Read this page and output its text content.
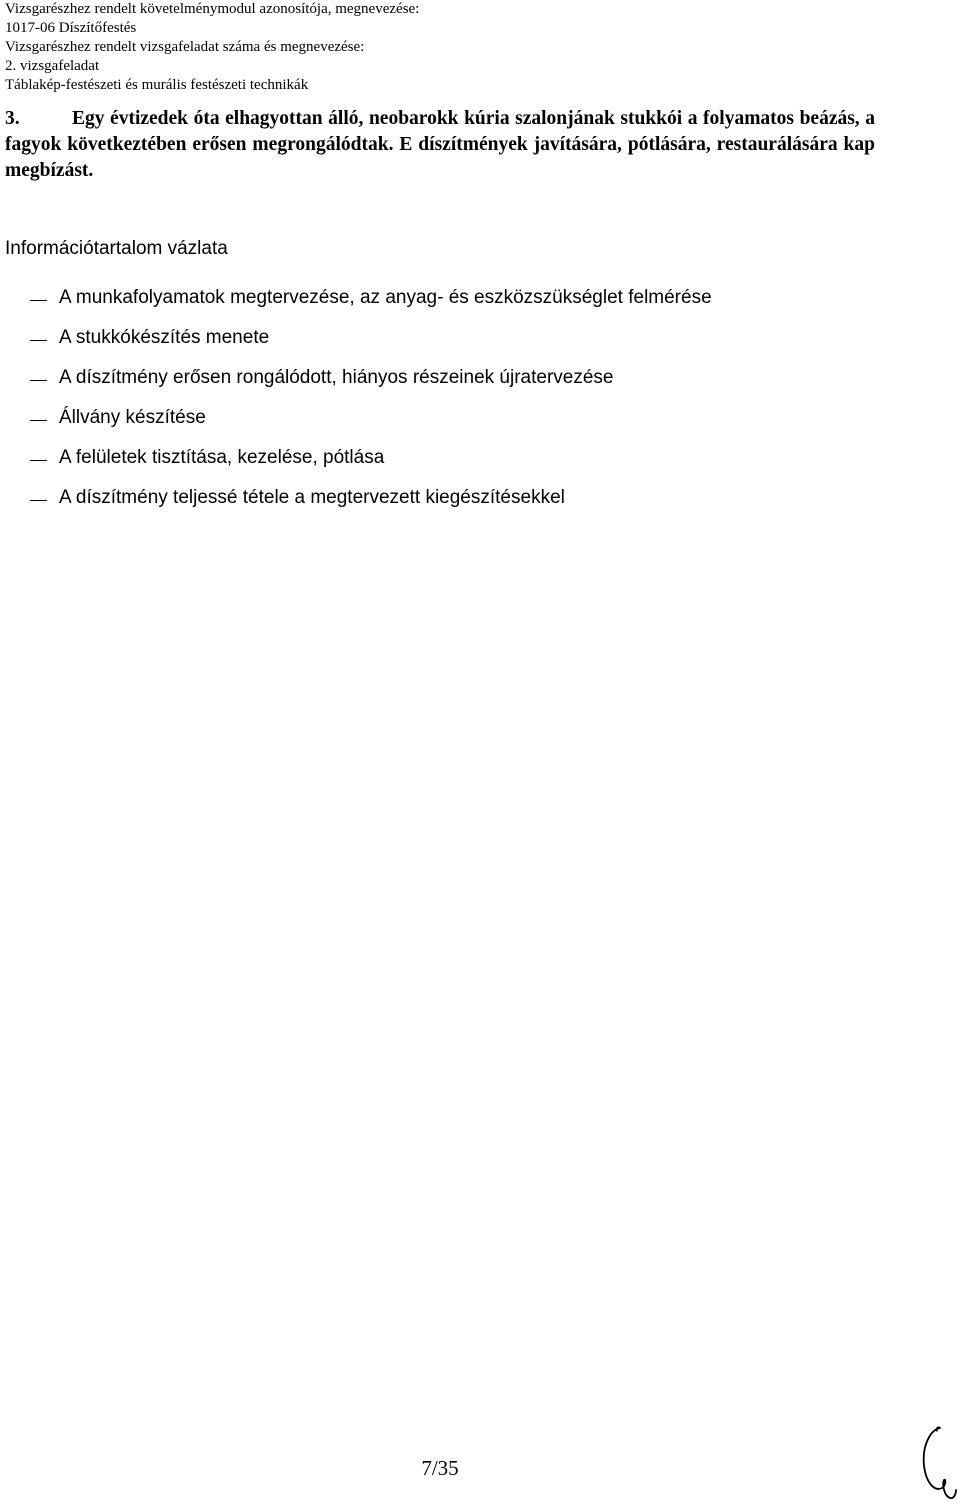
Vizsgarészhez rendelt követelménymodul azonosítója, megnevezése:
1017-06 Díszítőfestés
Vizsgarészhez rendelt vizsgafeladat száma és megnevezése:
2. vizsgafeladat
Táblakép-festészeti és murális festészeti technikák
3.	Egy évtizedek óta elhagyottan álló, neobarokk kúria szalonjának stukkói a folyamatos beázás, a fagyok következtében erősen megrongálódtak. E díszítmények javítására, pótlására, restaurálására kap megbízást.
Információtartalom vázlata
A munkafolyamatok megtervezése, az anyag- és eszközszükséglet felmérése
A stukkókészítés menete
A díszítmény erősen rongálódott, hiányos részeinek újratervezése
Állvány készítése
A felületek tisztítása, kezelése, pótlása
A díszítmény teljessé tétele a megtervezett kiegészítésekkel
7/35
